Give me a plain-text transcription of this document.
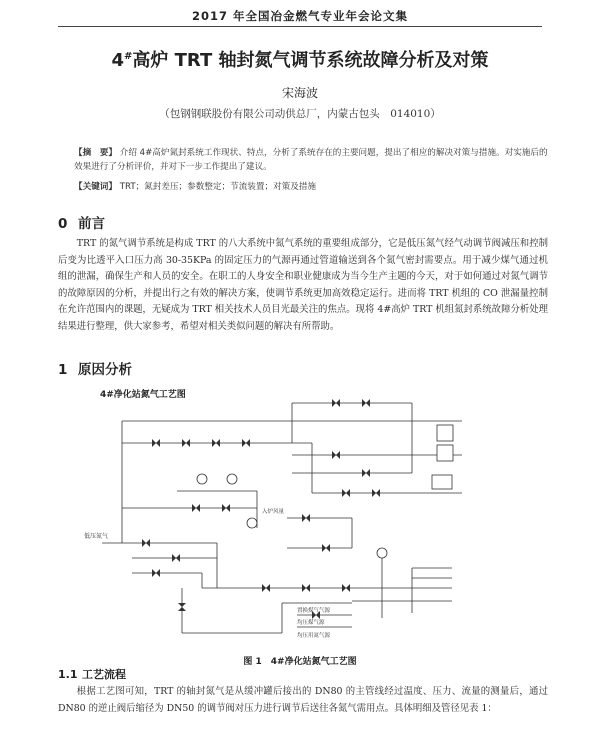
2017 年全国冶金燃气专业年会论文集
4#高炉 TRT 轴封氮气调节系统故障分析及对策
宋海波
（包钢钢联股份有限公司动供总厂，内蒙古包头　014010）
【摘　要】 介绍 4#高炉氮封系统工作现状、特点，分析了系统存在的主要问题，提出了相应的解决对策与措施。对实施后的效果进行了分析评价，并对下一步工作提出了建议。
【关键词】 TRT；氮封差压；参数整定；节流装置；对策及措施
0 前言
TRT 的氮气调节系统是构成 TRT 的八大系统中氮气系统的重要组成部分，它是低压氮气经气动调节阀减压和控制后变为比透平入口压力高 30-35KPa 的固定压力的气源再通过管道输送到各个氮气密封需要点。用于减少煤气通过机组的泄漏，确保生产和人员的安全。在职工的人身安全和职业健康成为当今生产主题的今天，对于如何通过对氮气调节的故障原因的分析，并提出行之有效的解决方案，使调节系统更加高效稳定运行。进而将 TRT 机组的 CO 泄漏量控制在允许范围内的课题，无疑成为 TRT 相关技术人员目光最关注的焦点。现将 4#高炉 TRT 机组氮封系统故障分析处理结果进行整理，供大家参考，希望对相关类似问题的解决有所帮助。
1 原因分析
4#净化站氮气工艺图
低压氮气
入炉风量
置换煤气气源
均压煤气源
均压用氮气源
图 1　4#净化站氮气工艺图
1.1 工艺流程
根据工艺图可知，TRT 的轴封氮气是从缓冲罐后接出的 DN80 的主管线经过温度、压力、流量的测量后，通过 DN80 的逆止阀后缩径为 DN50 的调节阀对压力进行调节后送往各氮气需用点。具体明细及管径见表 1：
